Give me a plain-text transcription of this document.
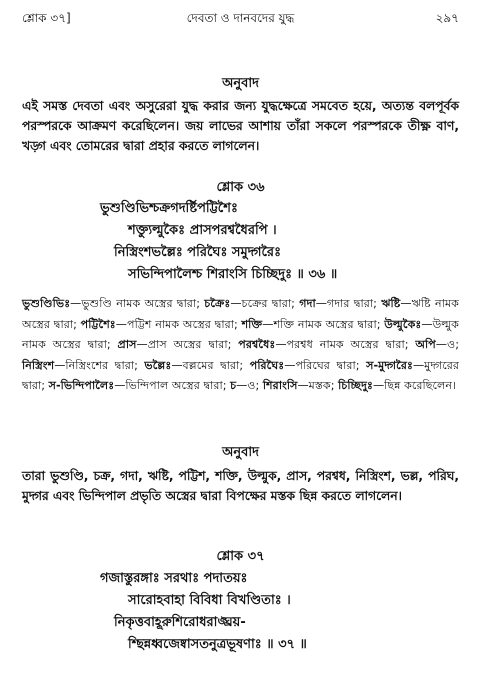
শ্লোক ৩৭]	দেবতা ও দানবদের যুদ্ধ	২৯৭
অনুবাদ
এই সমস্ত দেবতা এবং অসুরেরা যুদ্ধ করার জন্য যুদ্ধক্ষেত্রে সমবেত হয়ে, অত্যন্ত বলপূর্বক পরস্পরকে আক্রমণ করেছিলেন। জয় লাভের আশায় তাঁরা সকলে পরস্পরকে তীক্ষ্ণ বাণ, খড়্গ এবং তোমরের দ্বারা প্রহার করতে লাগলেন।
শ্লোক ৩৬
ভুশুণ্ডিভিশ্চক্রগদর্ষ্টিপট্টিশৈঃ
শক্ত্যুল্মুকৈঃ প্রাসপরশ্বধৈরপি ।
নিস্ত্রিংশভল্লৈঃ পরিঘৈঃ সমুদ্গরৈঃ
সভিন্দিপালৈশ্চ শিরাংসি চিচ্ছিদুঃ ॥ ৩৬ ॥
ভুশুণ্ডিভিঃ—ভুশুণ্ডি নামক অস্ত্রের দ্বারা; চক্রৈঃ—চক্রের দ্বারা; গদা—গদার দ্বারা; ঋষ্টি—ঋষ্টি নামক অস্ত্রের দ্বারা; পট্টিশৈঃ—পট্টিশ নামক অস্ত্রের দ্বারা; শক্তি—শক্তি নামক অস্ত্রের দ্বারা; উল্মুকৈঃ—উল্মুক নামক অস্ত্রের দ্বারা; প্রাস—প্রাস অস্ত্রের দ্বারা; পরশ্বধৈঃ—পরশ্বধ নামক অস্ত্রের দ্বারা; অপি—ও; নিস্ত্রিংশ—নিস্ত্রিংশের দ্বারা; ভল্লৈঃ—বল্লমের দ্বারা; পরিঘৈঃ—পরিঘের দ্বারা; স-মুদ্গরৈঃ—মুদ্গরের দ্বারা; স-ভিন্দিপালৈঃ—ভিন্দিপাল অস্ত্রের দ্বারা; চ—ও; শিরাংসি—মস্তক; চিচ্ছিদুঃ—ছিন্ন করেছিলেন।
অনুবাদ
তারা ভুশুণ্ডি, চক্র, গদা, ঋষ্টি, পট্টিশ, শক্তি, উল্মুক, প্রাস, পরশ্বধ, নিস্ত্রিংশ, ভল্ল, পরিঘ, মুদ্গর এবং ভিন্দিপাল প্রভৃতি অস্ত্রের দ্বারা বিপক্ষের মস্তক ছিন্ন করতে লাগলেন।
শ্লোক ৩৭
গজাস্তুরঙ্গাঃ সরথাঃ পদাতয়ঃ
সারোহবাহা বিবিধা বিখণ্ডিতাঃ ।
নিকৃত্তবাহূরুশিরোধরাঙ্ঘ্রয়-
শ্ছিন্নধ্বজেষ্বাসতনুত্রভূষণাঃ ॥ ৩৭ ॥
